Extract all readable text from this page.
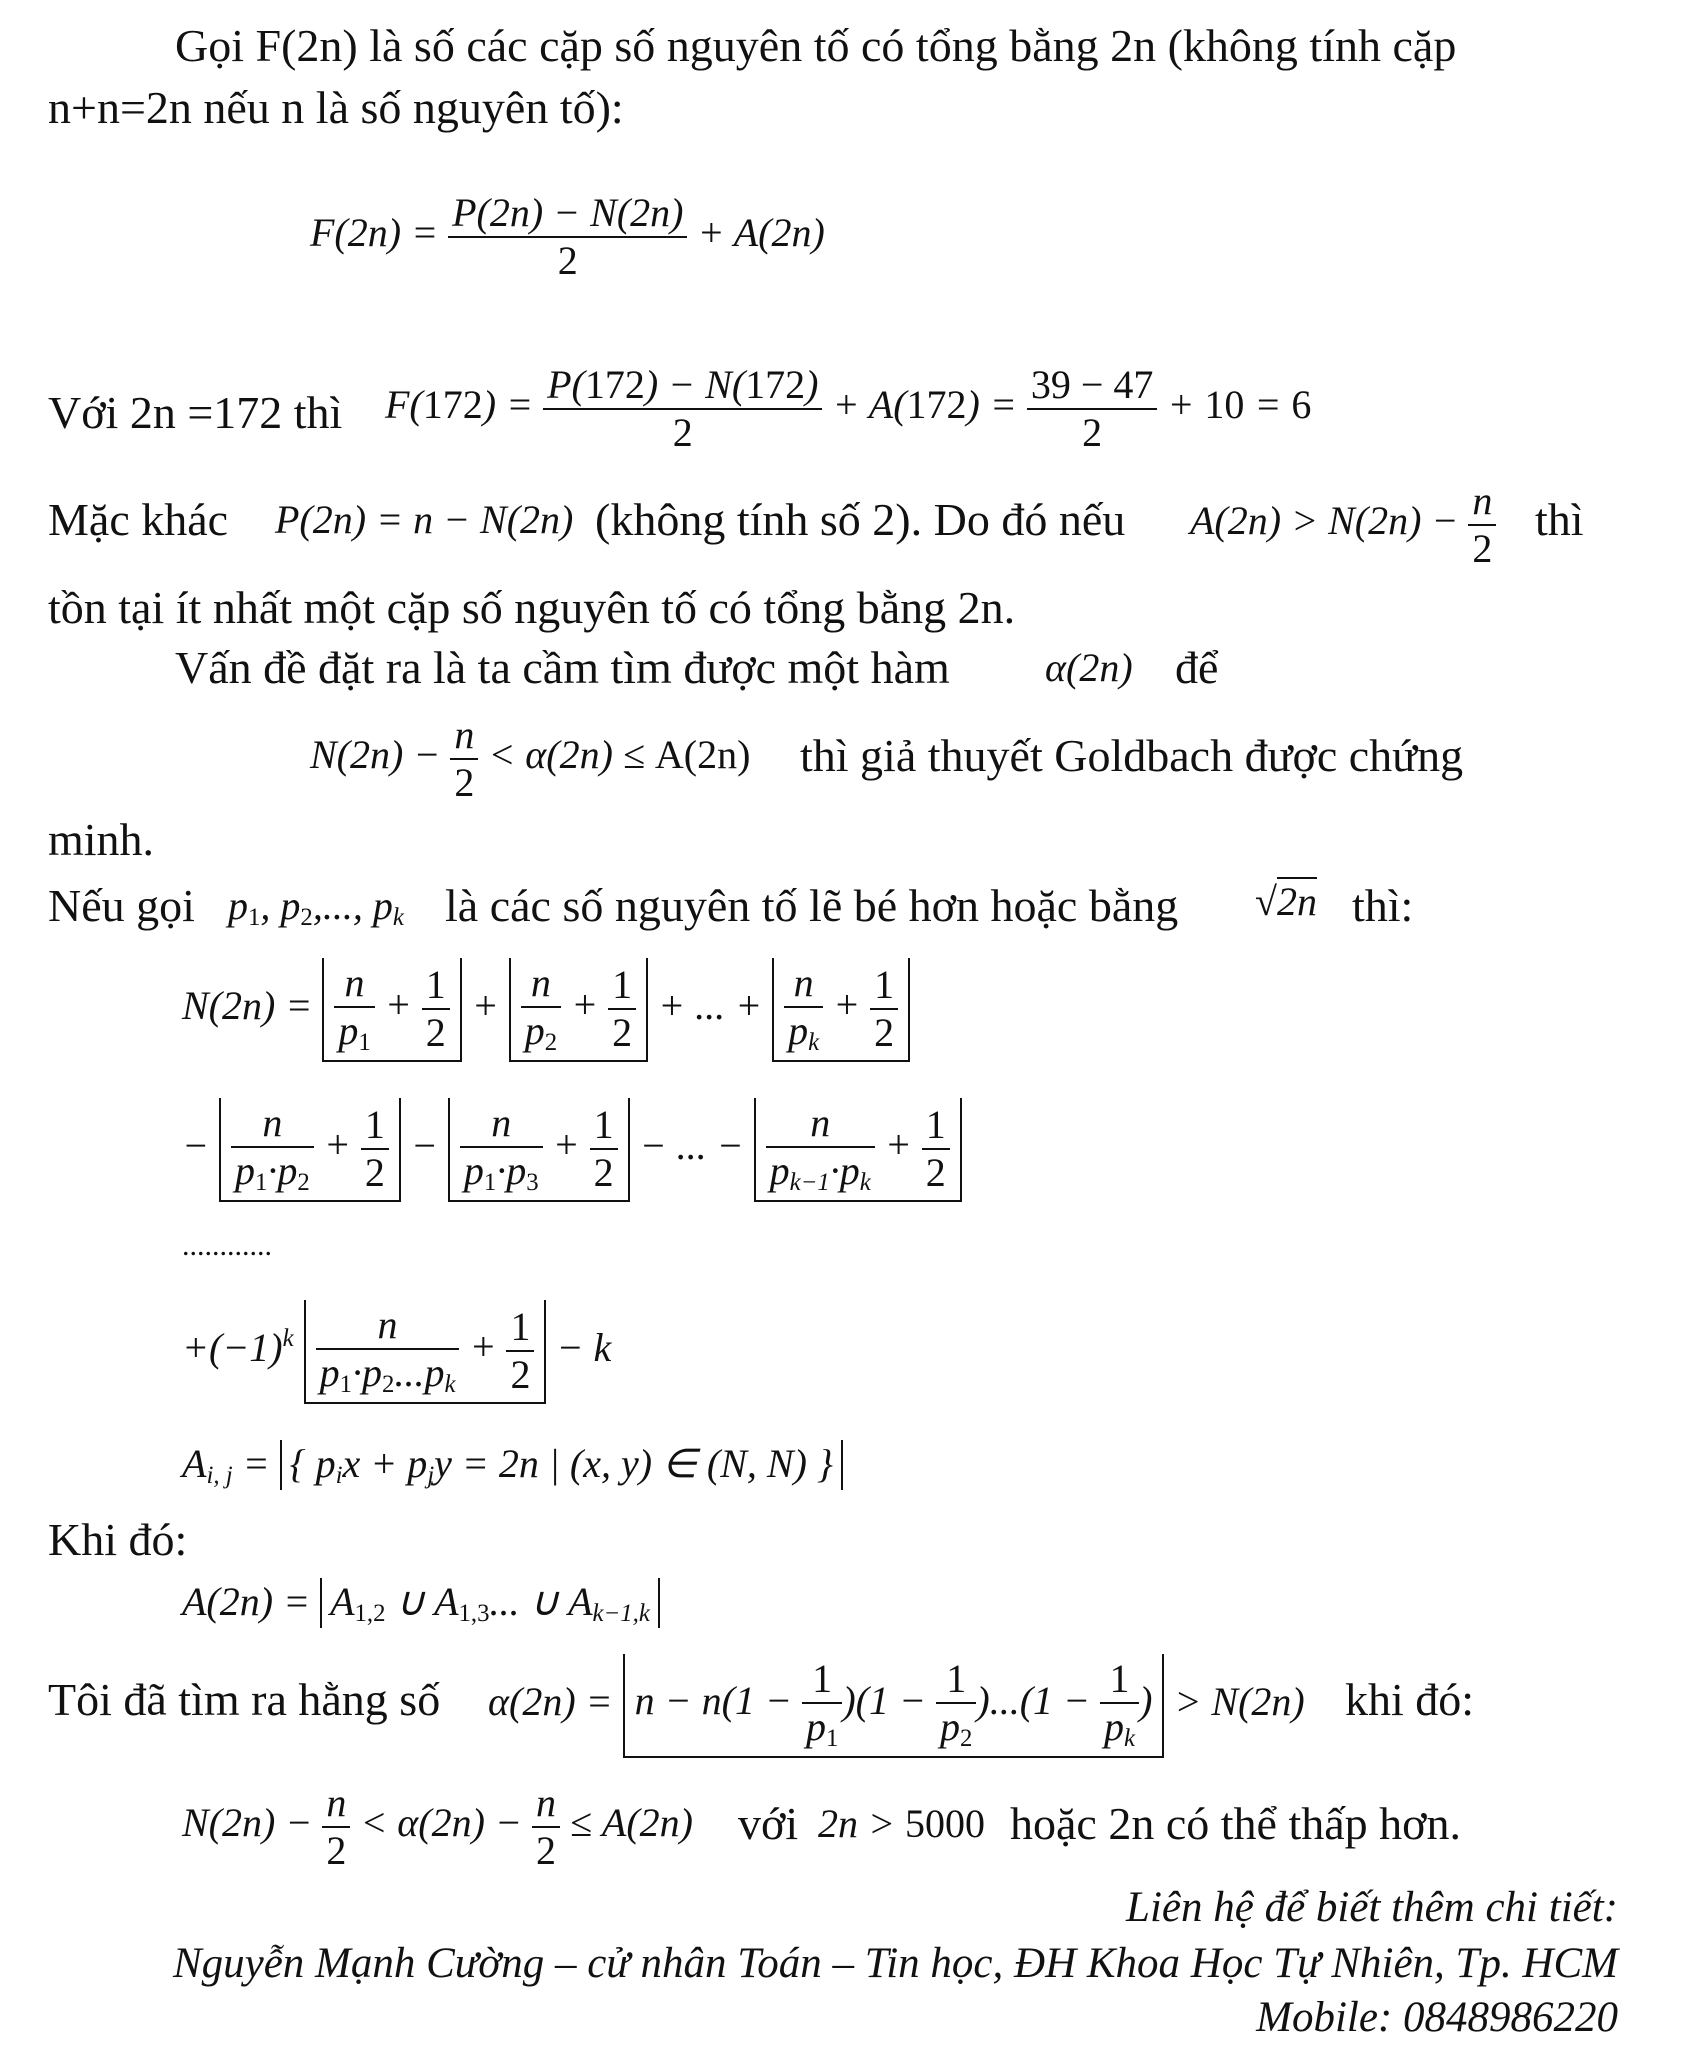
Gọi F(2n) là số các cặp số nguyên tố có tổng bằng 2n (không tính cặp
n+n=2n nếu n là số nguyên tố):
$F(2n) = \frac{P(2n) - N(2n)}{2} + A(2n)$
Với 2n =172 thì $F(172) = \frac{P(172) - N(172)}{2} + A(172) = \frac{39 - 47}{2} + 10 = 6$
Mặc khác P(2n) = n − N(2n) (không tính số 2). Do đó nếu $A(2n) > N(2n) - \frac{n}{2}$ thì
tồn tại ít nhất một cặp số nguyên tố có tổng bằng 2n.
Vấn đề đặt ra là ta cầm tìm được một hàm α(2n) để
$N(2n) - \frac{n}{2} < \alpha(2n) \le A(2n)$ thì giả thuyết Goldbach được chứng
minh.
Nếu gọi $p_1$, $p_2$,..., $p_k$ là các số nguyên tố lẽ bé hơn hoặc bằng √2n thì:
$N(2n) = \frac{n}{p_1} + \frac{1}{2} + \frac{n}{p_2} + \frac{1}{2}$ + ... + $\frac{n}{p_k} + \frac{1}{2}$
− $\frac{n}{p_1\cdot p_2} + \frac{1}{2} - \frac{n}{p_1\cdot p_3} + \frac{1}{2}$ − ... − $\frac{n}{p_{k-1}\cdot p_k} + \frac{1}{2}$
............
$+(-1)^k \frac{n}{p_1\cdot p_2...p_k} + \frac{1}{2} - k$
$A_{i, j}$ = { $p_ix + p_jy = 2n$ | (x, y) ∈ (N, N) }
Khi đó:
$A(2n) = A_{1,2}$ ∪ $A_{1,3}$... ∪ $A_{k-1,k}$
Tôi đã tìm ra hằng số $\alpha(2n) = n - n(1 - \frac{1}{p_1} )(1 - \frac{1}{p_2} )...(1 - \frac{1}{p_k}$ ) > N(2n) khi đó:
$N(2n) - \frac{n}{2} < \alpha(2n) - \frac{n}{2} \le A(2n)$ với 2n > 5000 hoặc 2n có thể thấp hơn.
Liên hệ để biết thêm chi tiết:
Nguyễn Mạnh Cường – cử nhân Toán – Tin học, ĐH Khoa Học Tự Nhiên, Tp. HCM
Mobile: 0848986220
